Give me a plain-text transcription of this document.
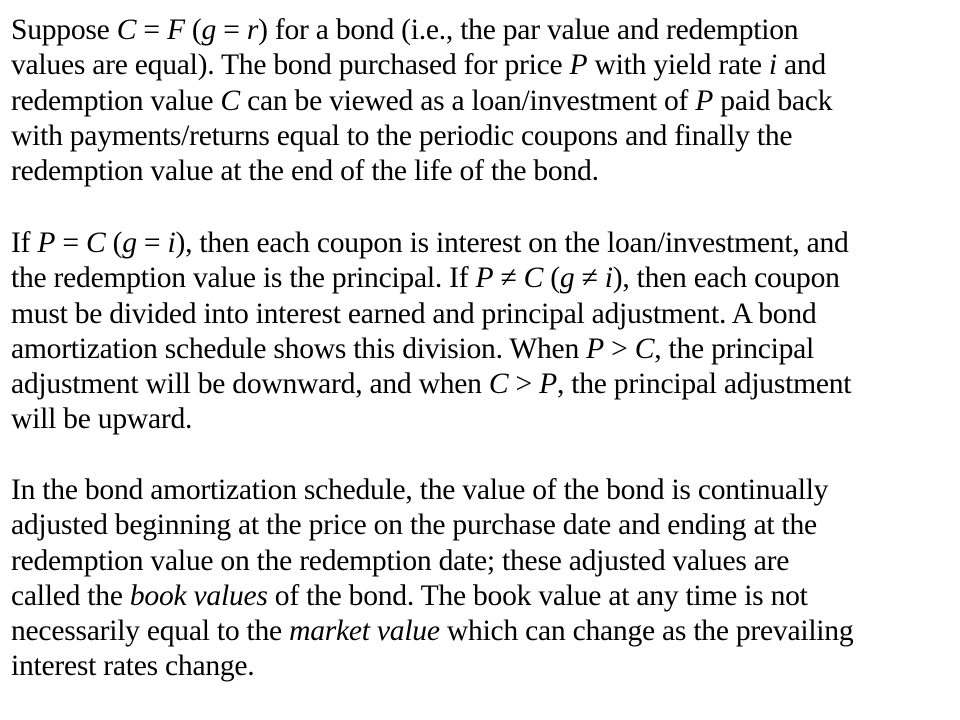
Suppose C = F (g = r) for a bond (i.e., the par value and redemption
values are equal). The bond purchased for price P with yield rate i and
redemption value C can be viewed as a loan/investment of P paid back
with payments/returns equal to the periodic coupons and finally the
redemption value at the end of the life of the bond.

If P = C (g = i), then each coupon is interest on the loan/investment, and
the redemption value is the principal. If P ≠ C (g ≠ i), then each coupon
must be divided into interest earned and principal adjustment. A bond
amortization schedule shows this division. When P > C, the principal
adjustment will be downward, and when C > P, the principal adjustment
will be upward.

In the bond amortization schedule, the value of the bond is continually
adjusted beginning at the price on the purchase date and ending at the
redemption value on the redemption date; these adjusted values are
called the book values of the bond. The book value at any time is not
necessarily equal to the market value which can change as the prevailing
interest rates change.
